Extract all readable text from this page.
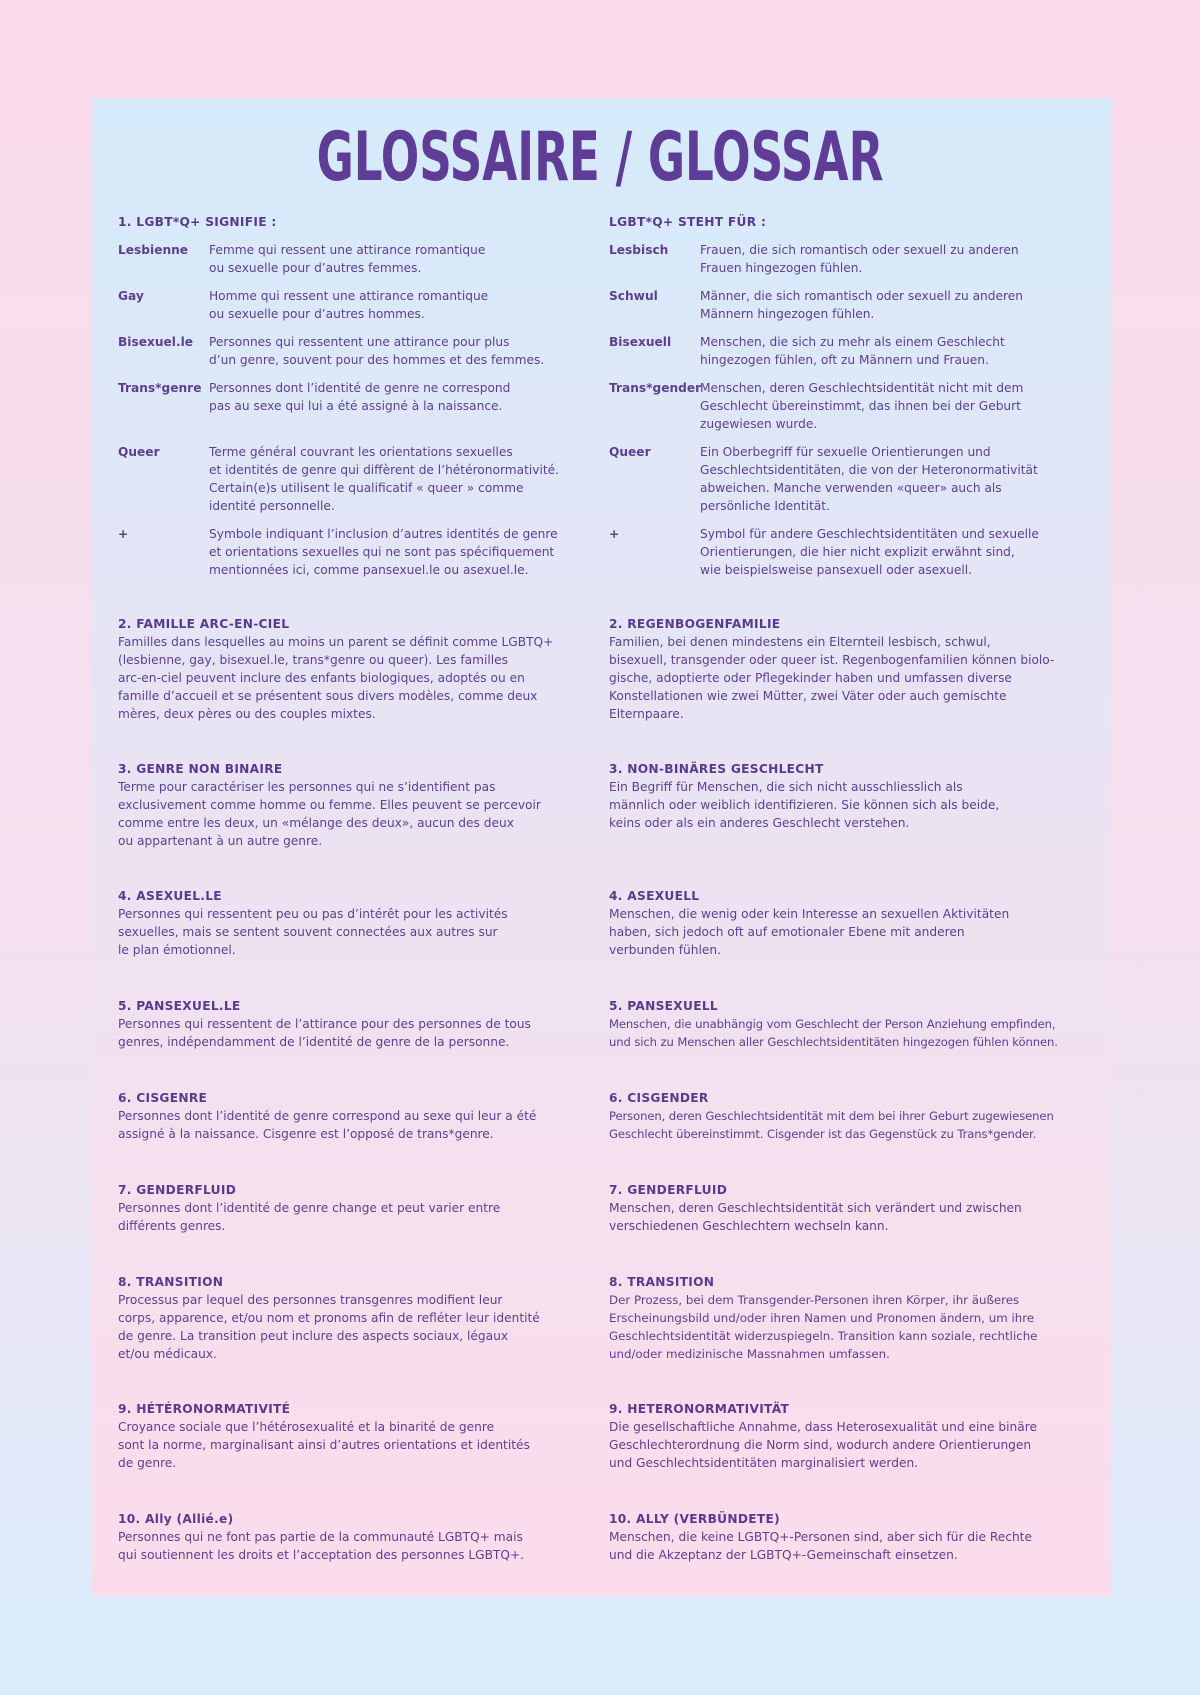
GLOSSAIRE / GLOSSAR
1. LGBT*Q+ SIGNIFIE :
Lesbienne Femme qui ressent une attirance romantique
ou sexuelle pour d’autres femmes.
Gay	Homme qui ressent une attirance romantique
ou sexuelle pour d’autres hommes.
Bisexuel.le Personnes qui ressentent une attirance pour plus
d’un genre, souvent pour des hommes et des femmes.
Trans*genre Personnes dont l’identité de genre ne correspond
pas au sexe qui lui a été assigné à la naissance.
Queer	Terme général couvrant les orientations sexuelles
et identités de genre qui diffèrent de l’hétéronormativité.
Certain(e)s utilisent le qualificatif « queer » comme
identité personnelle.
+	Symbole indiquant l’inclusion d’autres identités de genre
et orientations sexuelles qui ne sont pas spécifiquement
mentionnées ici, comme pansexuel.le ou asexuel.le.
LGBT*Q+ STEHT FÜR :
Lesbisch	Frauen, die sich romantisch oder sexuell zu anderen
Frauen hingezogen fühlen.
Schwul	Männer, die sich romantisch oder sexuell zu anderen
Männern hingezogen fühlen.
Bisexuell Menschen, die sich zu mehr als einem Geschlecht
hingezogen fühlen, oft zu Männern und Frauen.
Trans*gender
Menschen, deren Geschlechtsidentität nicht mit dem
Geschlecht übereinstimmt, das ihnen bei der Geburt
zugewiesen wurde.
Queer	Ein Oberbegriff für sexuelle Orientierungen und
Geschlechtsidentitäten, die von der Heteronormativität
abweichen. Manche verwenden «queer» auch als
persönliche Identität.
+	Symbol für andere Geschlechtsidentitäten und sexuelle
Orientierungen, die hier nicht explizit erwähnt sind,
wie beispielsweise pansexuell oder asexuell.
2. FAMILLE ARC-EN-CIEL

Familles dans lesquelles au moins un parent se définit comme LGBTQ+
(lesbienne, gay, bisexuel.le, trans*genre ou queer). Les familles
arc-en-ciel peuvent inclure des enfants biologiques, adoptés ou en
famille d’accueil et se présentent sous divers modèles, comme deux
mères, deux pères ou des couples mixtes.

3. GENRE NON BINAIRE

Terme pour caractériser les personnes qui ne s’identifient pas
exclusivement comme homme ou femme. Elles peuvent se percevoir
comme entre les deux, un «mélange des deux», aucun des deux
ou appartenant à un autre genre.

4. ASEXUEL.LE

Personnes qui ressentent peu ou pas d’intérêt pour les activités
sexuelles, mais se sentent souvent connectées aux autres sur
le plan émotionnel.

5. PANSEXUEL.LE

Personnes qui ressentent de l’attirance pour des personnes de tous
genres, indépendamment de l’identité de genre de la personne.

6. CISGENRE

Personnes dont l’identité de genre correspond au sexe qui leur a été
assigné à la naissance. Cisgenre est l’opposé de trans*genre.

7. GENDERFLUID

Personnes dont l’identité de genre change et peut varier entre
différents genres.

8. TRANSITION

Processus par lequel des personnes transgenres modifient leur
corps, apparence, et/ou nom et pronoms afin de refléter leur identité
de genre. La transition peut inclure des aspects sociaux, légaux
et/ou médicaux.

9. HÉTÉRONORMATIVITÉ

Croyance sociale que l’hétérosexualité et la binarité de genre
sont la norme, marginalisant ainsi d’autres orientations et identités
de genre.

10. Ally (Allié.e)

Personnes qui ne font pas partie de la communauté LGBTQ+ mais
qui soutiennent les droits et l’acceptation des personnes LGBTQ+.

2. REGENBOGENFAMILIE

Familien, bei denen mindestens ein Elternteil lesbisch, schwul,
bisexuell, transgender oder queer ist. Regenbogenfamilien können biolo-
gische, adoptierte oder Pflegekinder haben und umfassen diverse
Konstellationen wie zwei Mütter, zwei Väter oder auch gemischte
Elternpaare.

3. NON-BINÄRES GESCHLECHT

Ein Begriff für Menschen, die sich nicht ausschliesslich als
männlich oder weiblich identifizieren. Sie können sich als beide,
keins oder als ein anderes Geschlecht verstehen.

4. ASEXUELL

Menschen, die wenig oder kein Interesse an sexuellen Aktivitäten
haben, sich jedoch oft auf emotionaler Ebene mit anderen
verbunden fühlen.

5. PANSEXUELL

Menschen, die unabhängig vom Geschlecht der Person Anziehung empfinden,
und sich zu Menschen aller Geschlechtsidentitäten hingezogen fühlen können.

6. CISGENDER

Personen, deren Geschlechtsidentität mit dem bei ihrer Geburt zugewiesenen
Geschlecht übereinstimmt. Cisgender ist das Gegenstück zu Trans*gender.

7. GENDERFLUID

Menschen, deren Geschlechtsidentität sich verändert und zwischen
verschiedenen Geschlechtern wechseln kann.

8. TRANSITION

Der Prozess, bei dem Transgender-Personen ihren Körper, ihr äußeres
Erscheinungsbild und/oder ihren Namen und Pronomen ändern, um ihre
Geschlechtsidentität widerzuspiegeln. Transition kann soziale, rechtliche
und/oder medizinische Massnahmen umfassen.

9. HETERONORMATIVITÄT

Die gesellschaftliche Annahme, dass Heterosexualität und eine binäre
Geschlechterordnung die Norm sind, wodurch andere Orientierungen
und Geschlechtsidentitäten marginalisiert werden.

10. ALLY (VERBÜNDETE)

Menschen, die keine LGBTQ+-Personen sind, aber sich für die Rechte
und die Akzeptanz der LGBTQ+-Gemeinschaft einsetzen.
